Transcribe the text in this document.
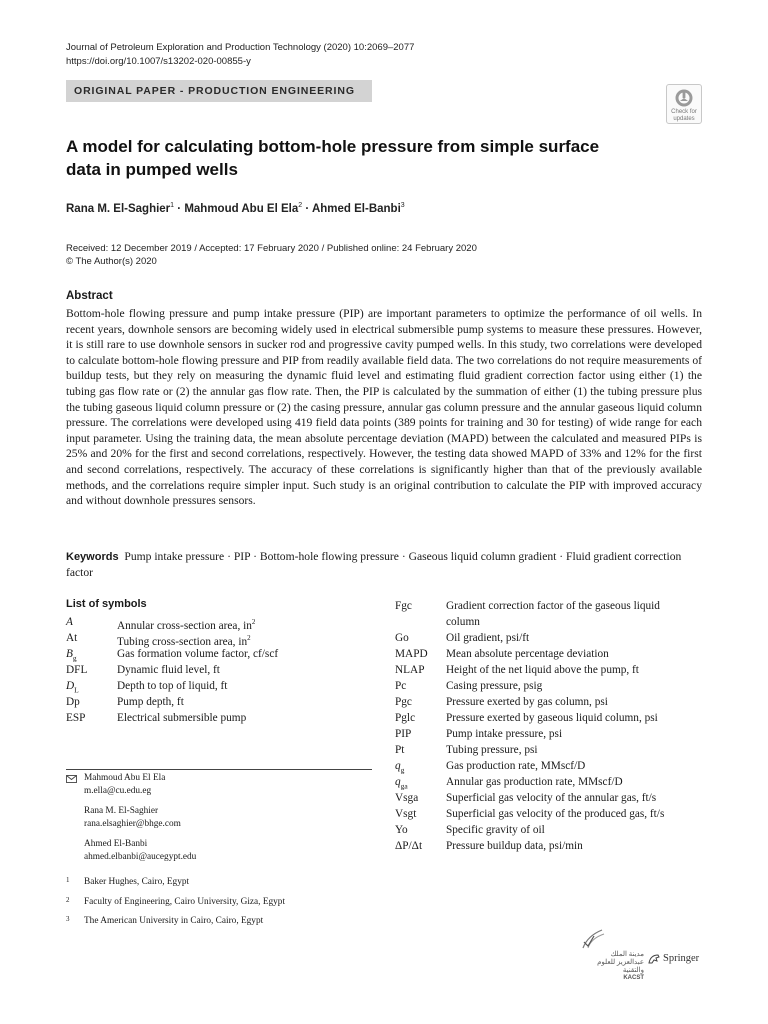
Journal of Petroleum Exploration and Production Technology (2020) 10:2069–2077
https://doi.org/10.1007/s13202-020-00855-y
ORIGINAL PAPER - PRODUCTION ENGINEERING
Check for updates
A model for calculating bottom-hole pressure from simple surface
data in pumped wells
Rana M. El-Saghier$^1$ · Mahmoud Abu El Ela$^2$ · Ahmed El-Banbi$^3$
Received: 12 December 2019 / Accepted: 17 February 2020 / Published online: 24 February 2020
© The Author(s) 2020
Abstract
Bottom-hole flowing pressure and pump intake pressure (PIP) are important parameters to optimize the performance of oil wells. In recent years, downhole sensors are becoming widely used in electrical submersible pump systems to measure these pressures. However, it is still rare to use downhole sensors in sucker rod and progressive cavity pumped wells. In this study, two correlations were developed to calculate bottom-hole flowing pressure and PIP from readily available field data. The two correlations do not require measurements of buildup tests, but they rely on measuring the dynamic fluid level and estimating fluid gradient correction factor using either (1) the tubing gas flow rate or (2) the annular gas flow rate. Then, the PIP is calculated by the summation of either (1) the tubing pressure plus the tubing gaseous liquid column pressure or (2) the casing pressure, annular gas column pressure and the annular gaseous liquid column pressure. The correlations were developed using 419 field data points (389 points for training and 30 for testing) of wide range for each input parameter. Using the training data, the mean absolute percentage deviation (MAPD) between the calculated and measured PIPs is 25% and 20% for the first and second correlations, respectively. However, the testing data showed MAPD of 33% and 12% for the first and second correlations, respectively. The accuracy of these correlations is significantly higher than that of the previously available methods, and the correlations require simpler input. Such study is an original contribution to calculate the PIP with improved accuracy and without downhole pressures sensors.
Keywords Pump intake pressure · PIP · Bottom-hole flowing pressure · Gaseous liquid column gradient · Fluid gradient correction factor
List of symbols
A	Annular cross-section area, $in^2$
At	Tubing cross-section area, $in^2$
$B_g$	Gas formation volume factor, cf/scf
DFL	Dynamic fluid level, ft
$D_L$	Depth to top of liquid, ft
Dp	Pump depth, ft
ESP	Electrical submersible pump
Fgc	Gradient correction factor of the gaseous liquid
column
Go	Oil gradient, psi/ft
MAPD Mean absolute percentage deviation
NLAP Height of the net liquid above the pump, ft
Pc	Casing pressure, psig
Pgc	Pressure exerted by gas column, psi
Pglc	Pressure exerted by gaseous liquid column, psi
PIP	Pump intake pressure, psi
Pt	Tubing pressure, psi
$q_g$	Gas production rate, MMscf/D
$q_{ga}$	Annular gas production rate, MMscf/D
Vsga Superficial gas velocity of the annular gas, ft/s
Vsgt	Superficial gas velocity of the produced gas, ft/s
Yo	Specific gravity of oil
ΔP/Δt Pressure buildup data, psi/min
Mahmoud Abu El Ela
m.ella@cu.edu.eg
Rana M. El-Saghier
rana.elsaghier@bhge.com
Ahmed El-Banbi
ahmed.elbanbi@aucegypt.edu
1 Baker Hughes, Cairo, Egypt
2 Faculty of Engineering, Cairo University, Giza, Egypt
3 The American University in Cairo, Cairo, Egypt
مدينة الملك عبدالعزيز للعلوم والتقنية
KACST
Springer
